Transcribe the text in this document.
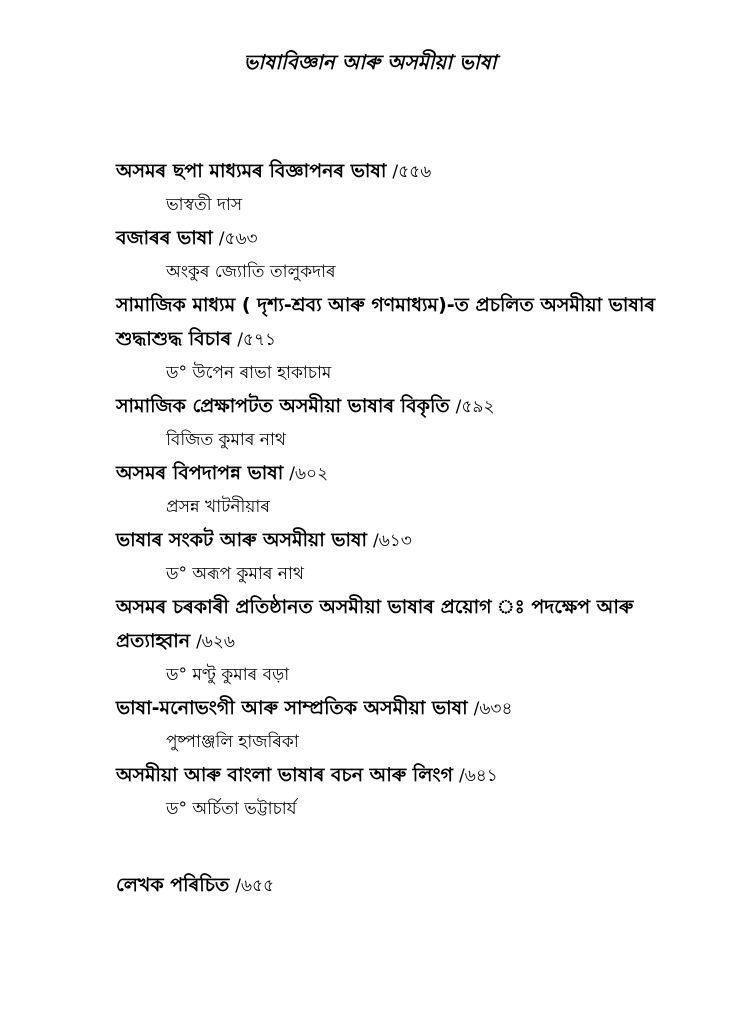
ভাষাবিজ্ঞান আৰু অসমীয়া ভাষা
অসমৰ ছপা মাধ্যমৰ বিজ্ঞাপনৰ ভাষা /৫৫৬
ভাস্বতী দাস
বজাৰৰ ভাষা /৫৬৩
অংকুৰ জ্যোতি তালুকদাৰ
সামাজিক মাধ্যম ( দৃশ্য-শ্ৰব্য আৰু গণমাধ্যম)-ত প্ৰচলিত অসমীয়া ভাষাৰ শুদ্ধাশুদ্ধ বিচাৰ /৫৭১
ড° উপেন ৰাভা হাকাচাম
সামাজিক প্ৰেক্ষাপটত অসমীয়া ভাষাৰ বিকৃতি /৫৯২
বিজিত কুমাৰ নাথ
অসমৰ বিপদাপন্ন ভাষা /৬০২
প্ৰসন্ন খাটনীয়াৰ
ভাষাৰ সংকট আৰু অসমীয়া ভাষা /৬১৩
ড° অৰূপ কুমাৰ নাথ
অসমৰ চৰকাৰী প্ৰতিষ্ঠানত অসমীয়া ভাষাৰ প্ৰয়োগ ঃ পদক্ষেপ আৰু প্ৰত্যাহ্বান /৬২৬
ড° মণ্টু কুমাৰ বড়া
ভাষা-মনোভংগী আৰু সাম্প্ৰতিক অসমীয়া ভাষা /৬৩৪
পুষ্পাঞ্জলি হাজৰিকা
অসমীয়া আৰু বাংলা ভাষাৰ বচন আৰু লিংগ /৬৪১
ড° অৰ্চিতা ভট্টাচাৰ্য
লেখক পৰিচিত /৬৫৫
